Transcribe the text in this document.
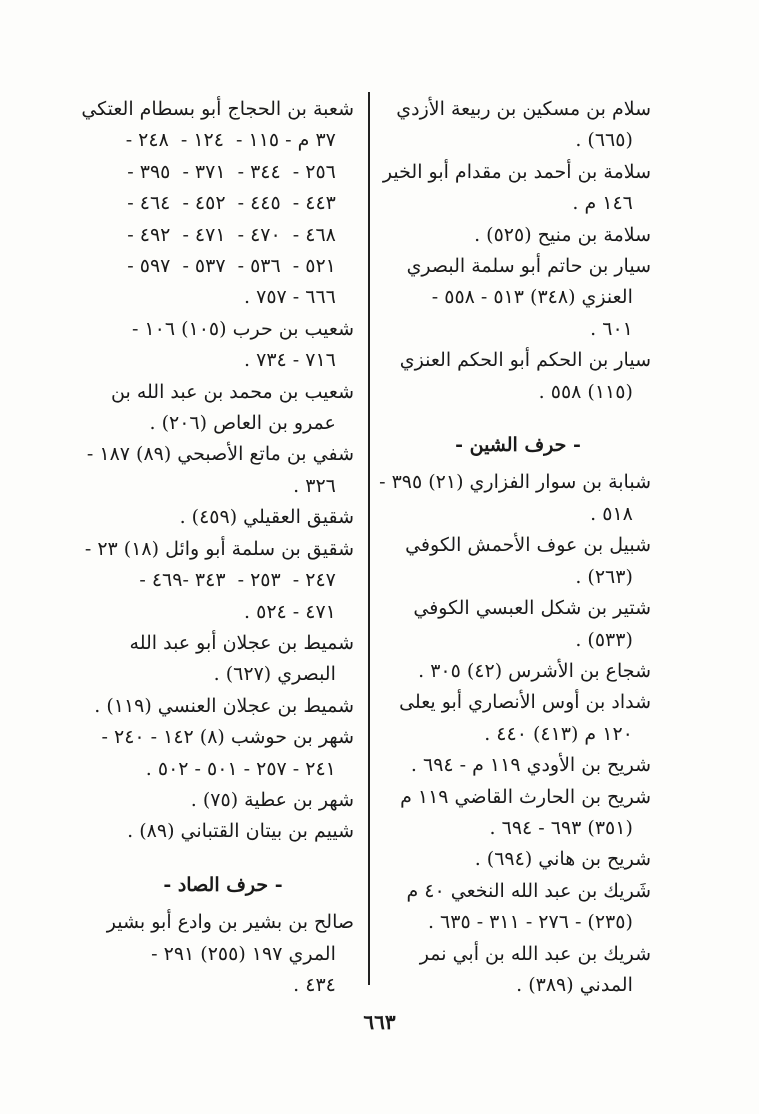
سلام بن مسكين بن ربيعة الأزدي

(٦٦٥) .

سلامة بن أحمد بن مقدام أبو الخير

١٤٦ م .

سلامة بن منيح (٥٢٥) .

سيار بن حاتم أبو سلمة البصري

العنزي (٣٤٨) ٥١٣ - ٥٥٨ -

٦٠١ .

سيار بن الحكم أبو الحكم العنزي

(١١٥) ٥٥٨ .

- حرف الشين -

شبابة بن سوار الفزاري (٢١) ٣٩٥ -

٥١٨ .

شبيل بن عوف الأحمش الكوفي

(٢٦٣) .

شتير بن شكل العبسي الكوفي

(٥٣٣) .

شجاع بن الأشرس (٤٢) ٣٠٥ .

شداد بن أوس الأنصاري أبو يعلى

١٢٠ م (٤١٣) ٤٤٠ .

شريح بن الأودي ١١٩ م - ٦٩٤ .

شريح بن الحارث القاضي ١١٩ م

(٣٥١) ٦٩٣ - ٦٩٤ .

شريح بن هاني (٦٩٤) .

شَريك بن عبد الله النخعي ٤٠ م

(٢٣٥) - ٢٧٦ - ٣١١ - ٦٣٥ .

شريك بن عبد الله بن أبي نمر

المدني (٣٨٩) .

شعبة بن الحجاج أبو بسطام العتكي

٣٧ م - ١١٥ -  ١٢٤ -  ٢٤٨ -

٢٥٦ -  ٣٤٤ -  ٣٧١ -  ٣٩٥ -

٤٤٣ -  ٤٤٥ -  ٤٥٢ -  ٤٦٤ -

٤٦٨ -  ٤٧٠ -  ٤٧١ -  ٤٩٢ -

٥٢١ -  ٥٣٦ -  ٥٣٧ -  ٥٩٧ -

٦٦٦ - ٧٥٧ .

شعيب بن حرب (١٠٥) ١٠٦ -

٧١٦ - ٧٣٤ .

شعيب بن محمد بن عبد الله بن

عمرو بن العاص (٢٠٦) .

شفي بن ماتع الأصبحي (٨٩) ١٨٧ -

٣٢٦ .

شقيق العقيلي (٤٥٩) .

شقيق بن سلمة أبو وائل (١٨) ٢٣ -

٢٤٧ -  ٢٥٣ -  ٣٤٣ -٤٦٩ -

٤٧١ - ٥٢٤ .

شميط بن عجلان أبو عبد الله

البصري (٦٢٧) .

شميط بن عجلان العنسي (١١٩) .

شهر بن حوشب (٨) ١٤٢ - ٢٤٠ -

٢٤١ - ٢٥٧ - ٥٠١ - ٥٠٢ .

شهر بن عطية (٧٥) .

شييم بن بيتان القتباني (٨٩) .

- حرف الصاد -

صالح بن بشير بن وادع أبو بشير

المري ١٩٧ (٢٥٥) ٢٩١ -

٤٣٤ .

٦٦٣
